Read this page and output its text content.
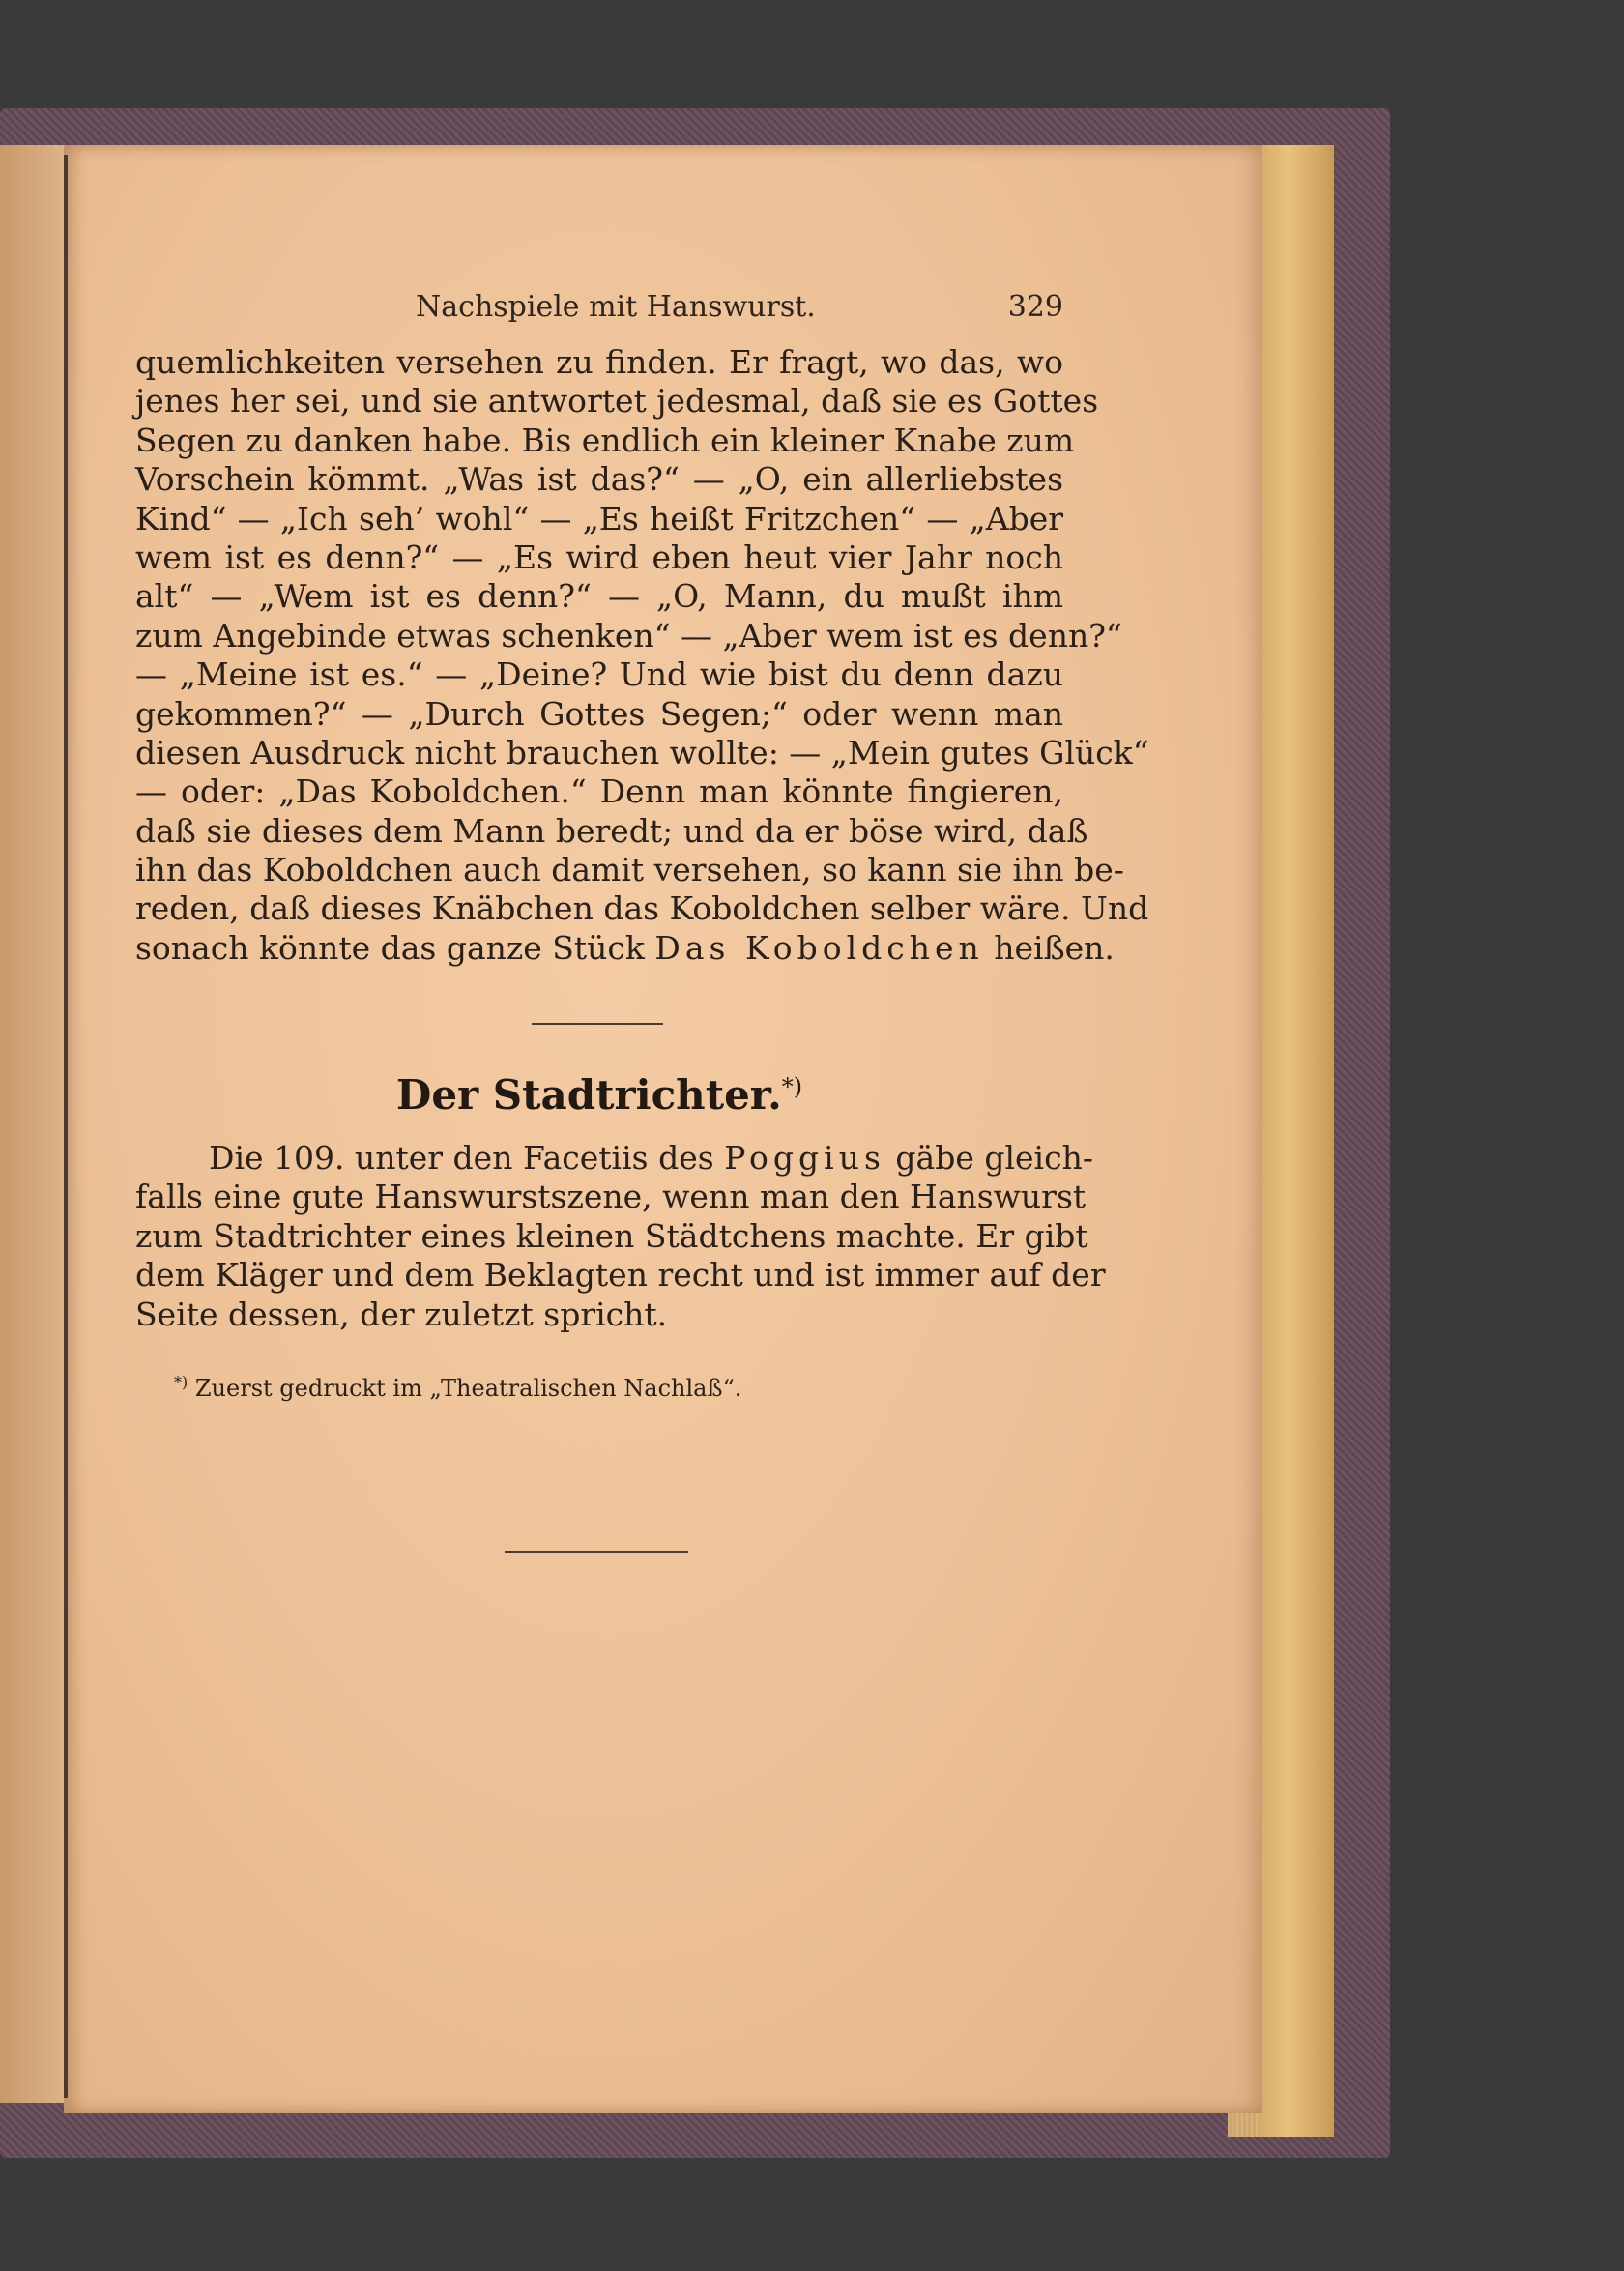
Nachspiele mit Hanswurst.	329
quemlichkeiten versehen zu finden. Er fragt, wo das, wo
jenes her sei, und sie antwortet jedesmal, daß sie es Gottes
Segen zu danken habe. Bis endlich ein kleiner Knabe zum
Vorschein kömmt. „Was ist das?“ — „O, ein allerliebstes
Kind“ — „Ich seh’ wohl“ — „Es heißt Fritzchen“ — „Aber
wem ist es denn?“ — „Es wird eben heut vier Jahr noch
alt“ — „Wem ist es denn?“ — „O, Mann, du mußt ihm
zum Angebinde etwas schenken“ — „Aber wem ist es denn?“
— „Meine ist es.“ — „Deine? Und wie bist du denn dazu
gekommen?“ — „Durch Gottes Segen;“ oder wenn man
diesen Ausdruck nicht brauchen wollte: — „Mein gutes Glück“
— oder: „Das Koboldchen.“ Denn man könnte fingieren,
daß sie dieses dem Mann beredt; und da er böse wird, daß
ihn das Koboldchen auch damit versehen, so kann sie ihn be-
reden, daß dieses Knäbchen das Koboldchen selber wäre. Und
sonach könnte das ganze Stück Das Koboldchen heißen.
Der Stadtrichter.*)
Die 109. unter den Facetiis des Poggius gäbe gleich-
falls eine gute Hanswurstszene, wenn man den Hanswurst
zum Stadtrichter eines kleinen Städtchens machte. Er gibt
dem Kläger und dem Beklagten recht und ist immer auf der
Seite dessen, der zuletzt spricht.
*) Zuerst gedruckt im „Theatralischen Nachlaß“.
